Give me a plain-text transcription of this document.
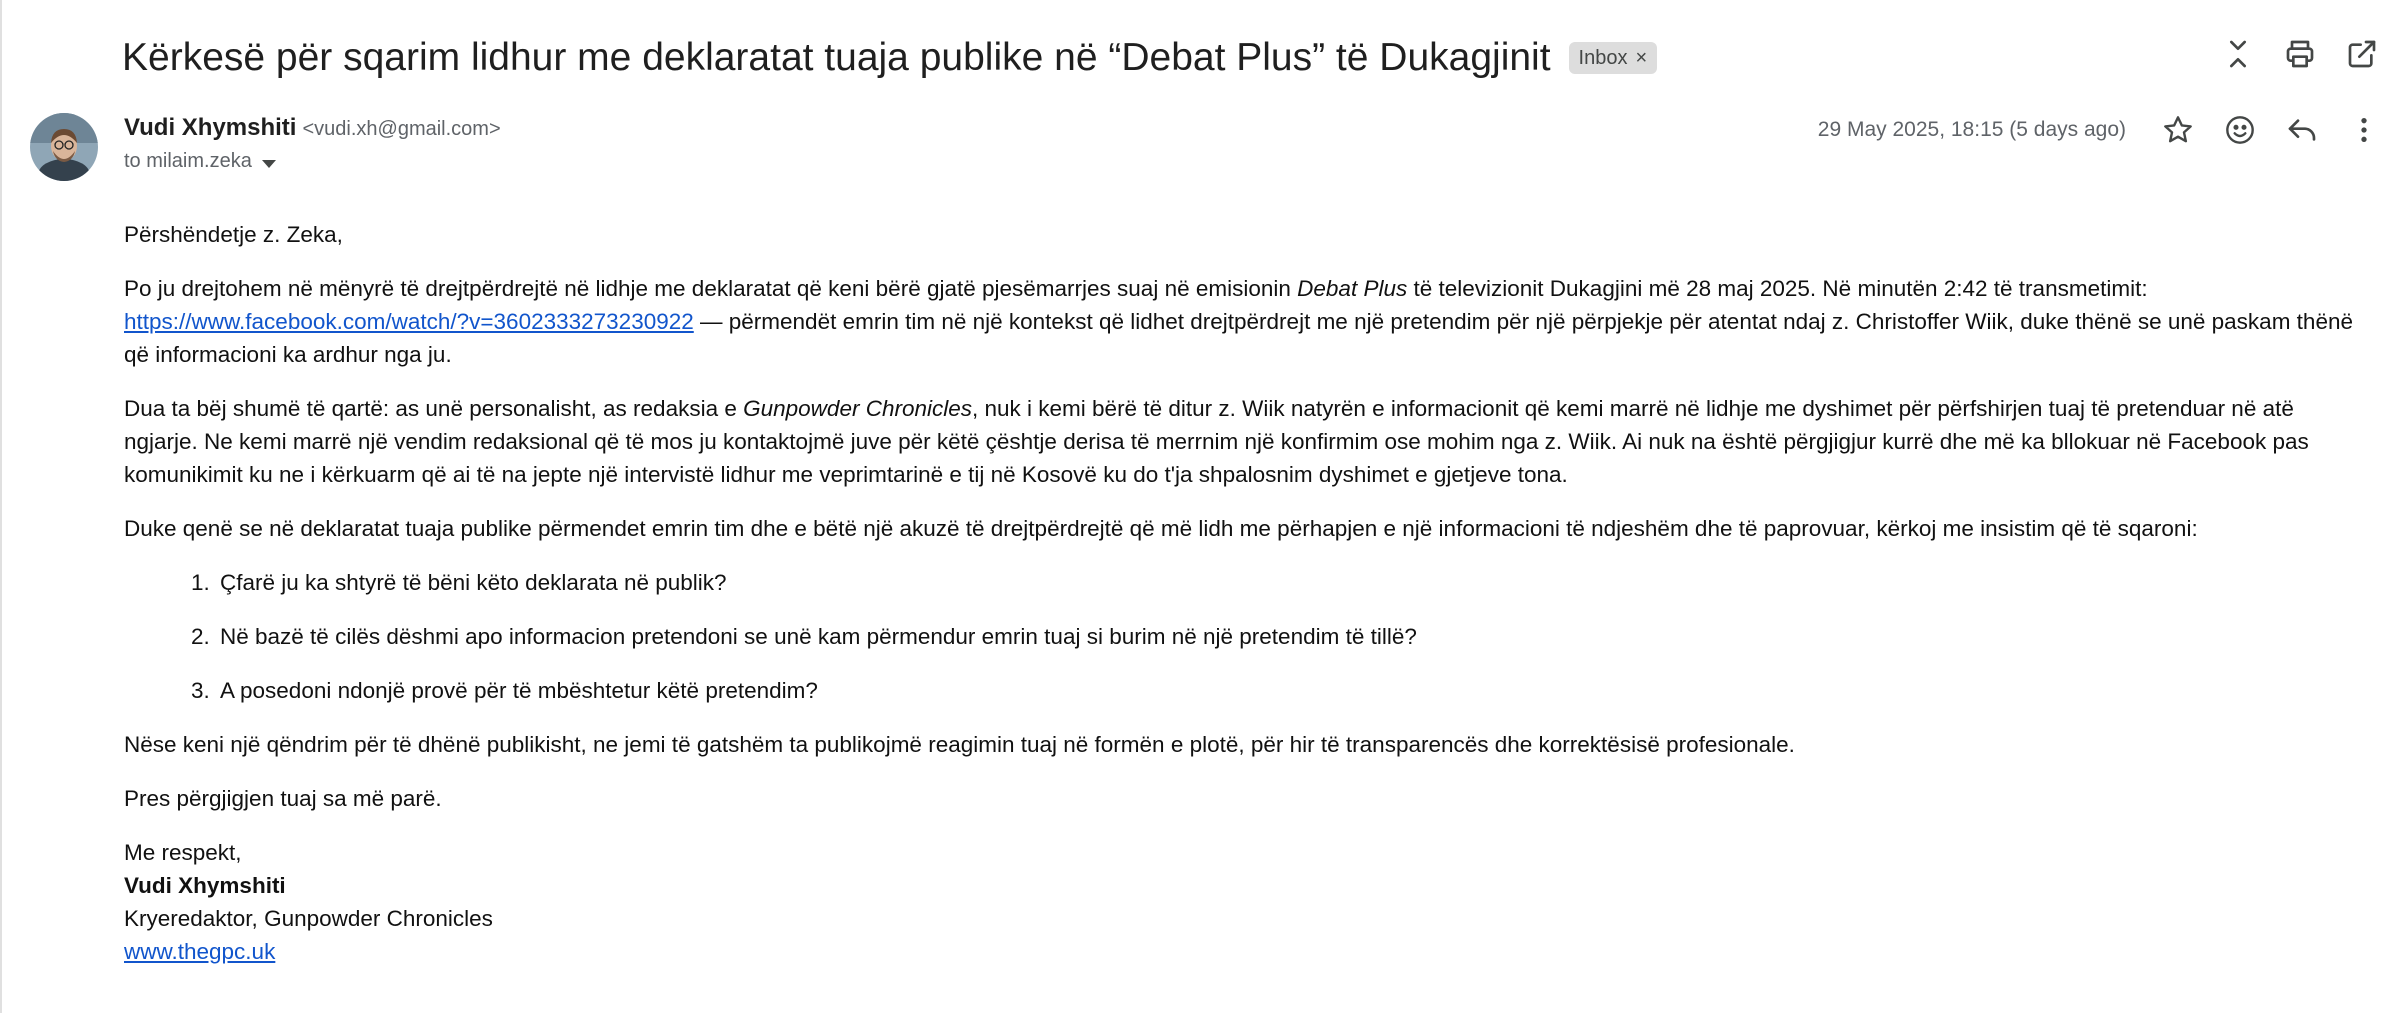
Kërkesë për sqarim lidhur me deklaratat tuaja publike në “Debat Plus” të Dukagjinit Inbox ×
Vudi Xhymshiti <vudi.xh@gmail.com>
to milaim.zeka
29 May 2025, 18:15 (5 days ago)

Përshëndetje z. Zeka,

Po ju drejtohem në mënyrë të drejtpërdrejtë në lidhje me deklaratat që keni bërë gjatë pjesëmarrjes suaj në emisionin Debat Plus të televizionit Dukagjini më 28 maj 2025. Në minutën 2:42 të transmetimit: https://www.facebook.com/watch/?v=3602333273230922 — përmendët emrin tim në një kontekst që lidhet drejtpërdrejt me një pretendim për një përpjekje për atentat ndaj z. Christoffer Wiik, duke thënë se unë paskam thënë që informacioni ka ardhur nga ju.

Dua ta bëj shumë të qartë: as unë personalisht, as redaksia e Gunpowder Chronicles, nuk i kemi bërë të ditur z. Wiik natyrën e informacionit që kemi marrë në lidhje me dyshimet për përfshirjen tuaj të pretenduar në atë ngjarje. Ne kemi marrë një vendim redaksional që të mos ju kontaktojmë juve për këtë çështje derisa të merrnim një konfirmim ose mohim nga z. Wiik. Ai nuk na është përgjigjur kurrë dhe më ka bllokuar në Facebook pas komunikimit ku ne i kërkuarm që ai të na jepte një intervistë lidhur me veprimtarinë e tij në Kosovë ku do t'ja shpalosnim dyshimet e gjetjeve tona.

Duke qenë se në deklaratat tuaja publike përmendet emrin tim dhe e bëtë një akuzë të drejtpërdrejtë që më lidh me përhapjen e një informacioni të ndjeshëm dhe të paprovuar, kërkoj me insistim që të sqaroni:

1. Çfarë ju ka shtyrë të bëni këto deklarata në publik?
2. Në bazë të cilës dëshmi apo informacion pretendoni se unë kam përmendur emrin tuaj si burim në një pretendim të tillë?
3. A posedoni ndonjë provë për të mbështetur këtë pretendim?

Nëse keni një qëndrim për të dhënë publikisht, ne jemi të gatshëm ta publikojmë reagimin tuaj në formën e plotë, për hir të transparencës dhe korrektësisë profesionale.

Pres përgjigjen tuaj sa më parë.

Me respekt,
Vudi Xhymshiti
Kryeredaktor, Gunpowder Chronicles
www.thegpc.uk
